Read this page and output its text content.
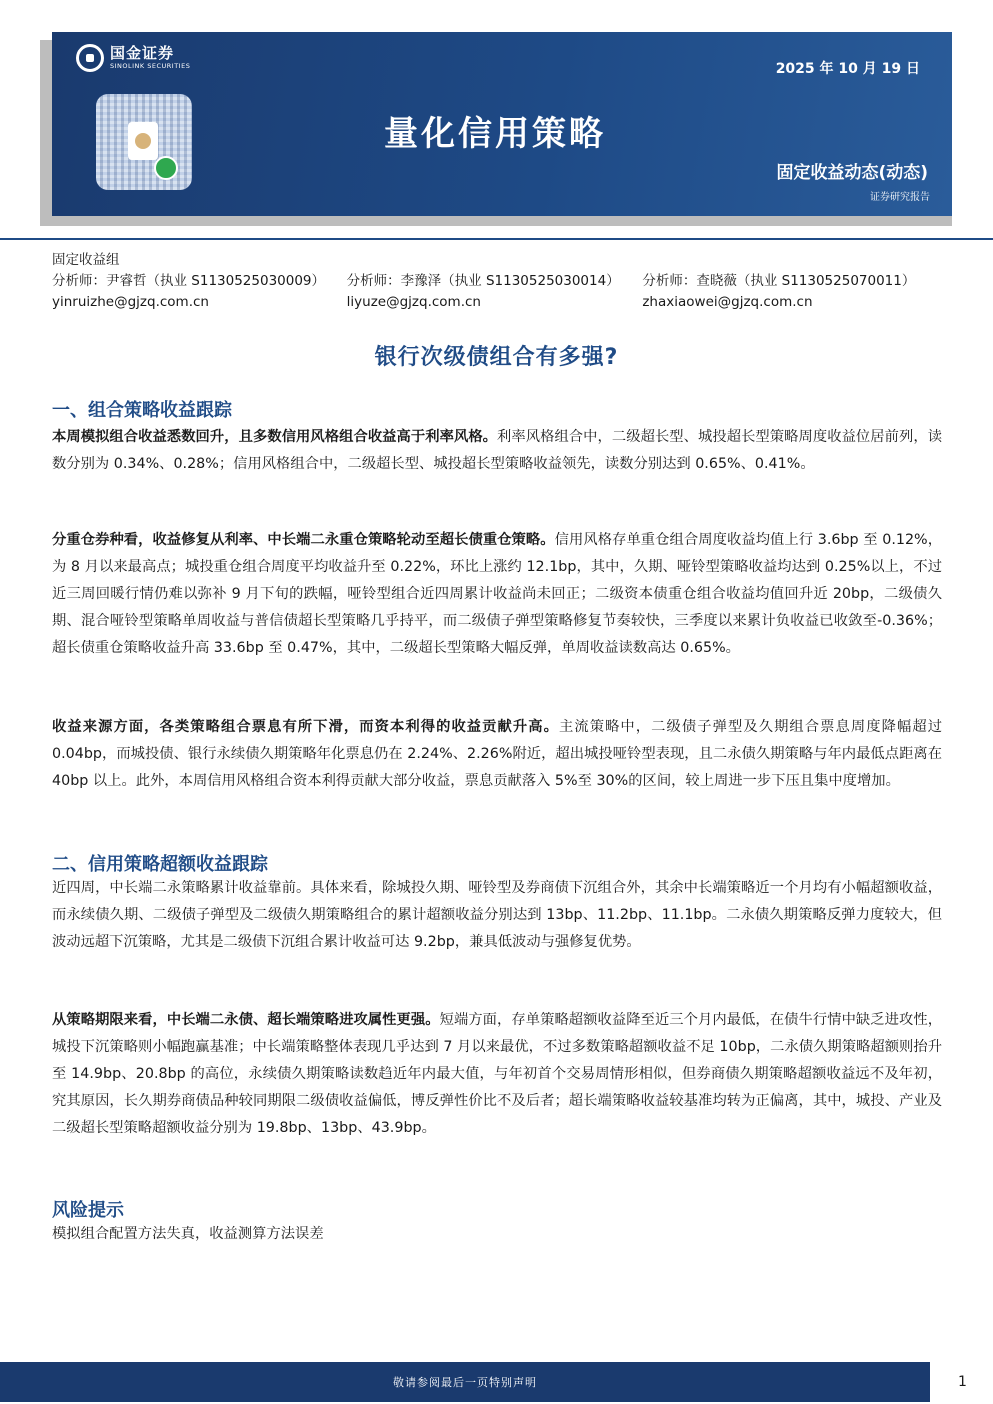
国金证券
SINOLINK SECURITIES
量化信用策略
2025 年 10 月 19 日
固定收益动态(动态)
证券研究报告
固定收益组
分析师：尹睿哲（执业 S1130525030009）	分析师：李豫泽（执业 S1130525030014）	分析师：查晓薇（执业 S1130525070011）
yinruizhe@gjzq.com.cn	liyuze@gjzq.com.cn	zhaxiaowei@gjzq.com.cn
银行次级债组合有多强?
一、组合策略收益跟踪

本周模拟组合收益悉数回升，且多数信用风格组合收益高于利率风格。利率风格组合中，二级超长型、城投超长型策略周度收益位居前列，读数分别为 0.34%、0.28%；信用风格组合中，二级超长型、城投超长型策略收益领先，读数分别达到 0.65%、0.41%。

分重仓券种看，收益修复从利率、中长端二永重仓策略轮动至超长债重仓策略。信用风格存单重仓组合周度收益均值上行 3.6bp 至 0.12%，为 8 月以来最高点；城投重仓组合周度平均收益升至 0.22%，环比上涨约 12.1bp，其中，久期、哑铃型策略收益均达到 0.25%以上，不过近三周回暖行情仍难以弥补 9 月下旬的跌幅，哑铃型组合近四周累计收益尚未回正；二级资本债重仓组合收益均值回升近 20bp，二级债久期、混合哑铃型策略单周收益与普信债超长型策略几乎持平，而二级债子弹型策略修复节奏较快，三季度以来累计负收益已收敛至-0.36%；超长债重仓策略收益升高 33.6bp 至 0.47%，其中，二级超长型策略大幅反弹，单周收益读数高达 0.65%。

收益来源方面，各类策略组合票息有所下滑，而资本利得的收益贡献升高。主流策略中，二级债子弹型及久期组合票息周度降幅超过 0.04bp，而城投债、银行永续债久期策略年化票息仍在 2.24%、2.26%附近，超出城投哑铃型表现，且二永债久期策略与年内最低点距离在 40bp 以上。此外，本周信用风格组合资本利得贡献大部分收益，票息贡献落入 5%至 30%的区间，较上周进一步下压且集中度增加。

二、信用策略超额收益跟踪

近四周，中长端二永策略累计收益靠前。具体来看，除城投久期、哑铃型及券商债下沉组合外，其余中长端策略近一个月均有小幅超额收益，而永续债久期、二级债子弹型及二级债久期策略组合的累计超额收益分别达到 13bp、11.2bp、11.1bp。二永债久期策略反弹力度较大，但波动远超下沉策略，尤其是二级债下沉组合累计收益可达 9.2bp，兼具低波动与强修复优势。

从策略期限来看，中长端二永债、超长端策略进攻属性更强。短端方面，存单策略超额收益降至近三个月内最低，在债牛行情中缺乏进攻性，城投下沉策略则小幅跑赢基准；中长端策略整体表现几乎达到 7 月以来最优，不过多数策略超额收益不足 10bp，二永债久期策略超额则抬升至 14.9bp、20.8bp 的高位，永续债久期策略读数趋近年内最大值，与年初首个交易周情形相似，但券商债久期策略超额收益远不及年初，究其原因，长久期券商债品种较同期限二级债收益偏低，博反弹性价比不及后者；超长端策略收益较基准均转为正偏离，其中，城投、产业及二级超长型策略超额收益分别为 19.8bp、13bp、43.9bp。

风险提示

模拟组合配置方法失真，收益测算方法误差

敬请参阅最后一页特别声明	1
